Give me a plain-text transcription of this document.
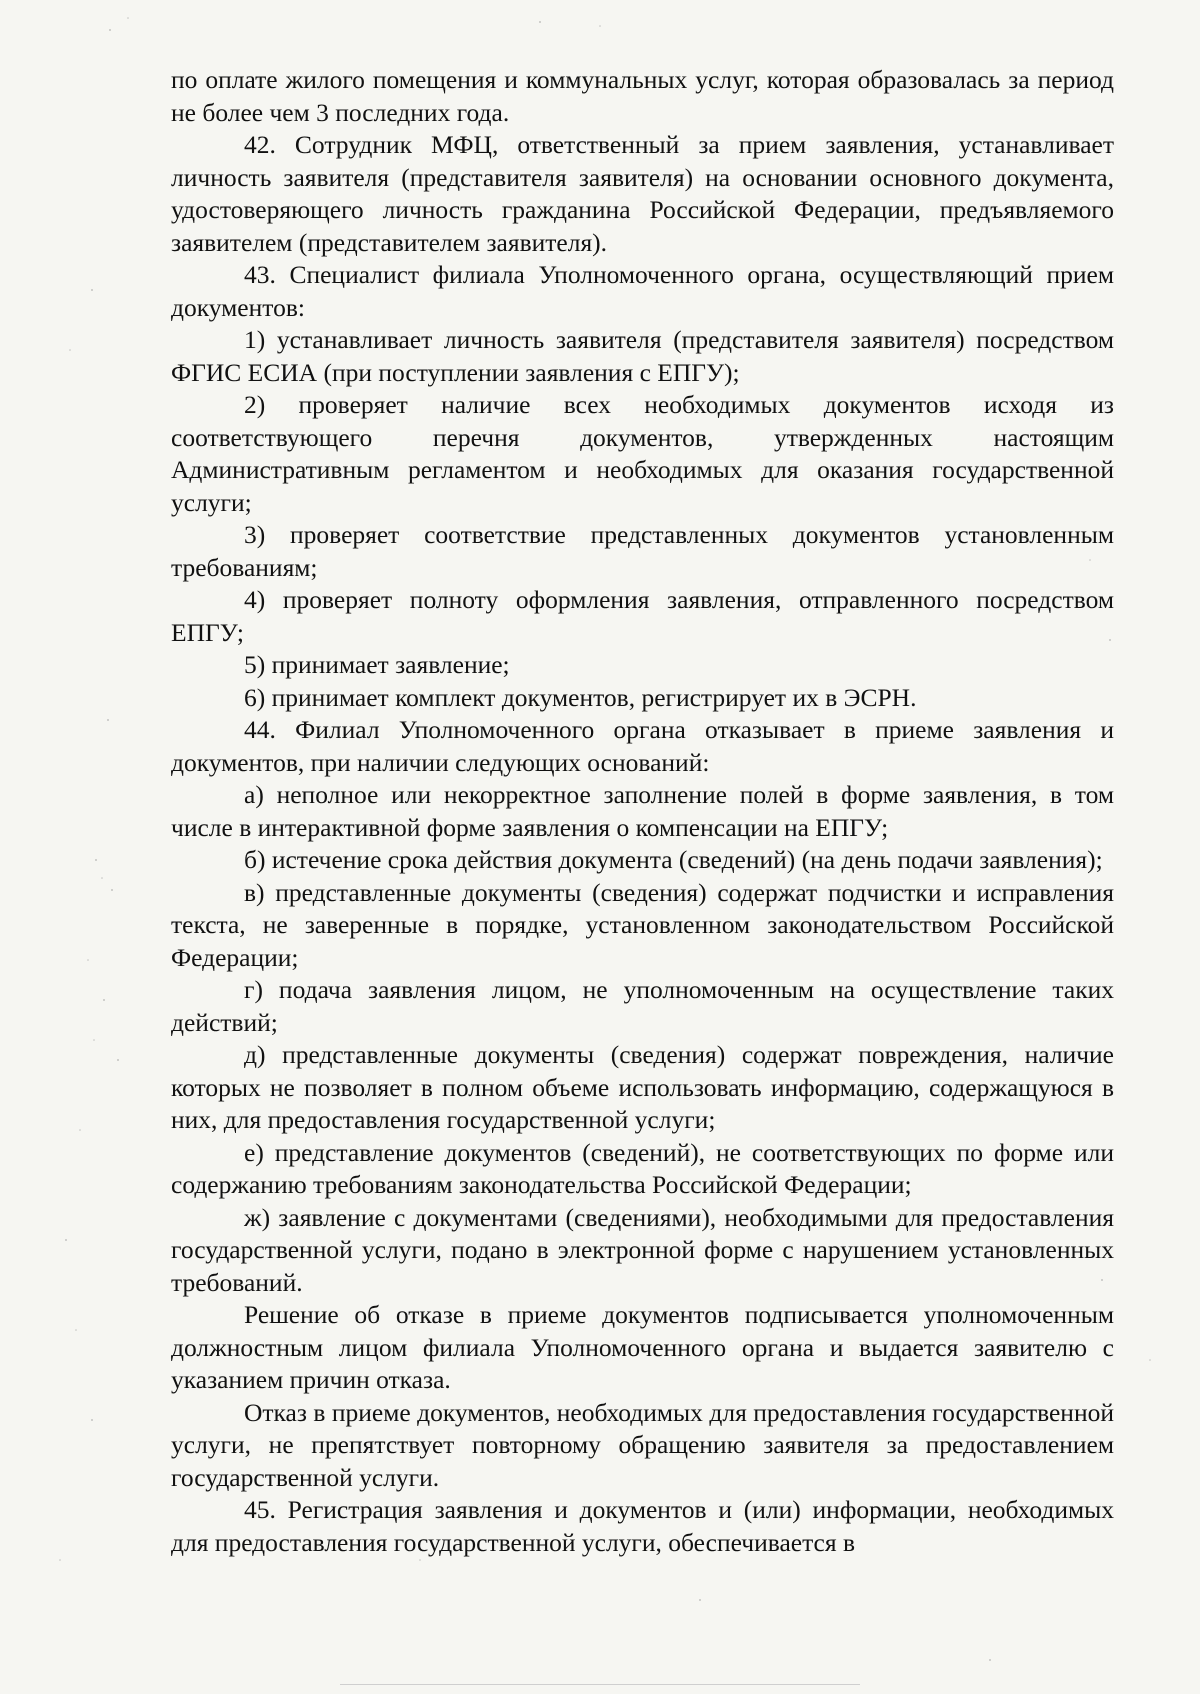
по оплате жилого помещения и коммунальных услуг, которая образовалась за период не более чем 3 последних года.

42. Сотрудник МФЦ, ответственный за прием заявления, устанавливает личность заявителя (представителя заявителя) на основании основного документа, удостоверяющего личность гражданина Российской Федерации, предъявляемого заявителем (представителем заявителя).

43. Специалист филиала Уполномоченного органа, осуществляющий прием документов:

1) устанавливает личность заявителя (представителя заявителя) посредством ФГИС ЕСИА (при поступлении заявления с ЕПГУ);

2) проверяет наличие всех необходимых документов исходя из соответствующего перечня документов, утвержденных настоящим Административным регламентом и необходимых для оказания государственной услуги;

3) проверяет соответствие представленных документов установленным требованиям;

4) проверяет полноту оформления заявления, отправленного посредством ЕПГУ;

5) принимает заявление;

6) принимает комплект документов, регистрирует их в ЭСРН.

44. Филиал Уполномоченного органа отказывает в приеме заявления и документов, при наличии следующих оснований:

а) неполное или некорректное заполнение полей в форме заявления, в том числе в интерактивной форме заявления о компенсации на ЕПГУ;

б) истечение срока действия документа (сведений) (на день подачи заявления);

в) представленные документы (сведения) содержат подчистки и исправления текста, не заверенные в порядке, установленном законодательством Российской Федерации;

г) подача заявления лицом, не уполномоченным на осуществление таких действий;

д) представленные документы (сведения) содержат повреждения, наличие которых не позволяет в полном объеме использовать информацию, содержащуюся в них, для предоставления государственной услуги;

е) представление документов (сведений), не соответствующих по форме или содержанию требованиям законодательства Российской Федерации;

ж) заявление с документами (сведениями), необходимыми для предоставления государственной услуги, подано в электронной форме с нарушением установленных требований.

Решение об отказе в приеме документов подписывается уполномоченным должностным лицом филиала Уполномоченного органа и выдается заявителю с указанием причин отказа.

Отказ в приеме документов, необходимых для предоставления государственной услуги, не препятствует повторному обращению заявителя за предоставлением государственной услуги.

45. Регистрация заявления и документов и (или) информации, необходимых для предоставления государственной услуги, обеспечивается в
